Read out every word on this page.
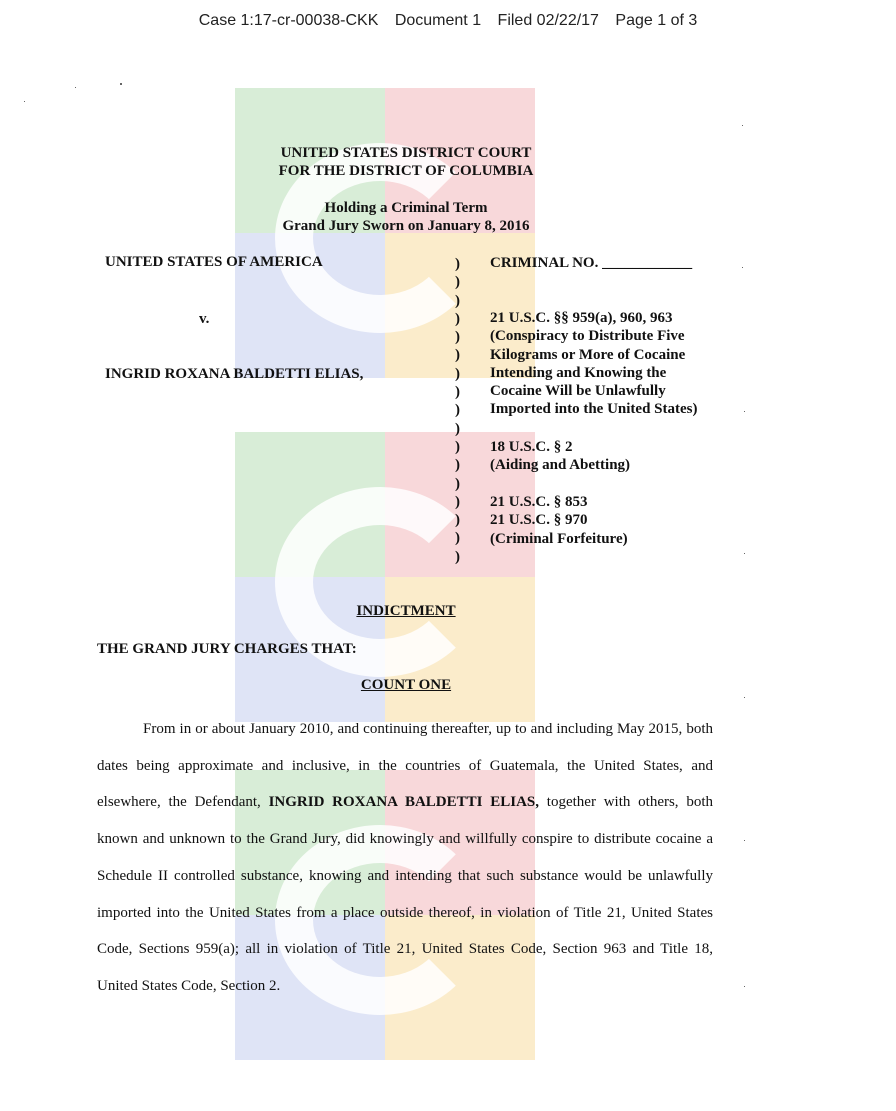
Case 1:17-cr-00038-CKK Document 1 Filed 02/22/17 Page 1 of 3
UNITED STATES DISTRICT COURT
FOR THE DISTRICT OF COLUMBIA
Holding a Criminal Term
Grand Jury Sworn on January 8, 2016
UNITED STATES OF AMERICA
v.
INGRID ROXANA BALDETTI ELIAS,
)
)
)
)
)
)
)
)
)
)
)
)
)
)
)
)
)
CRIMINAL NO. ____________
21 U.S.C. §§ 959(a), 960, 963
(Conspiracy to Distribute Five
Kilograms or More of Cocaine
Intending and Knowing the
Cocaine Will be Unlawfully
Imported into the United States)
18 U.S.C. § 2
(Aiding and Abetting)
21 U.S.C. § 853
21 U.S.C. § 970
(Criminal Forfeiture)
INDICTMENT
THE GRAND JURY CHARGES THAT:
COUNT ONE
From in or about January 2010, and continuing thereafter, up to and including May 2015, both dates being approximate and inclusive, in the countries of Guatemala, the United States, and elsewhere, the Defendant, INGRID ROXANA BALDETTI ELIAS, together with others, both known and unknown to the Grand Jury, did knowingly and willfully conspire to distribute cocaine a Schedule II controlled substance, knowing and intending that such substance would be unlawfully imported into the United States from a place outside thereof, in violation of Title 21, United States Code, Sections 959(a); all in violation of Title 21, United States Code, Section 963 and Title 18, United States Code, Section 2.
